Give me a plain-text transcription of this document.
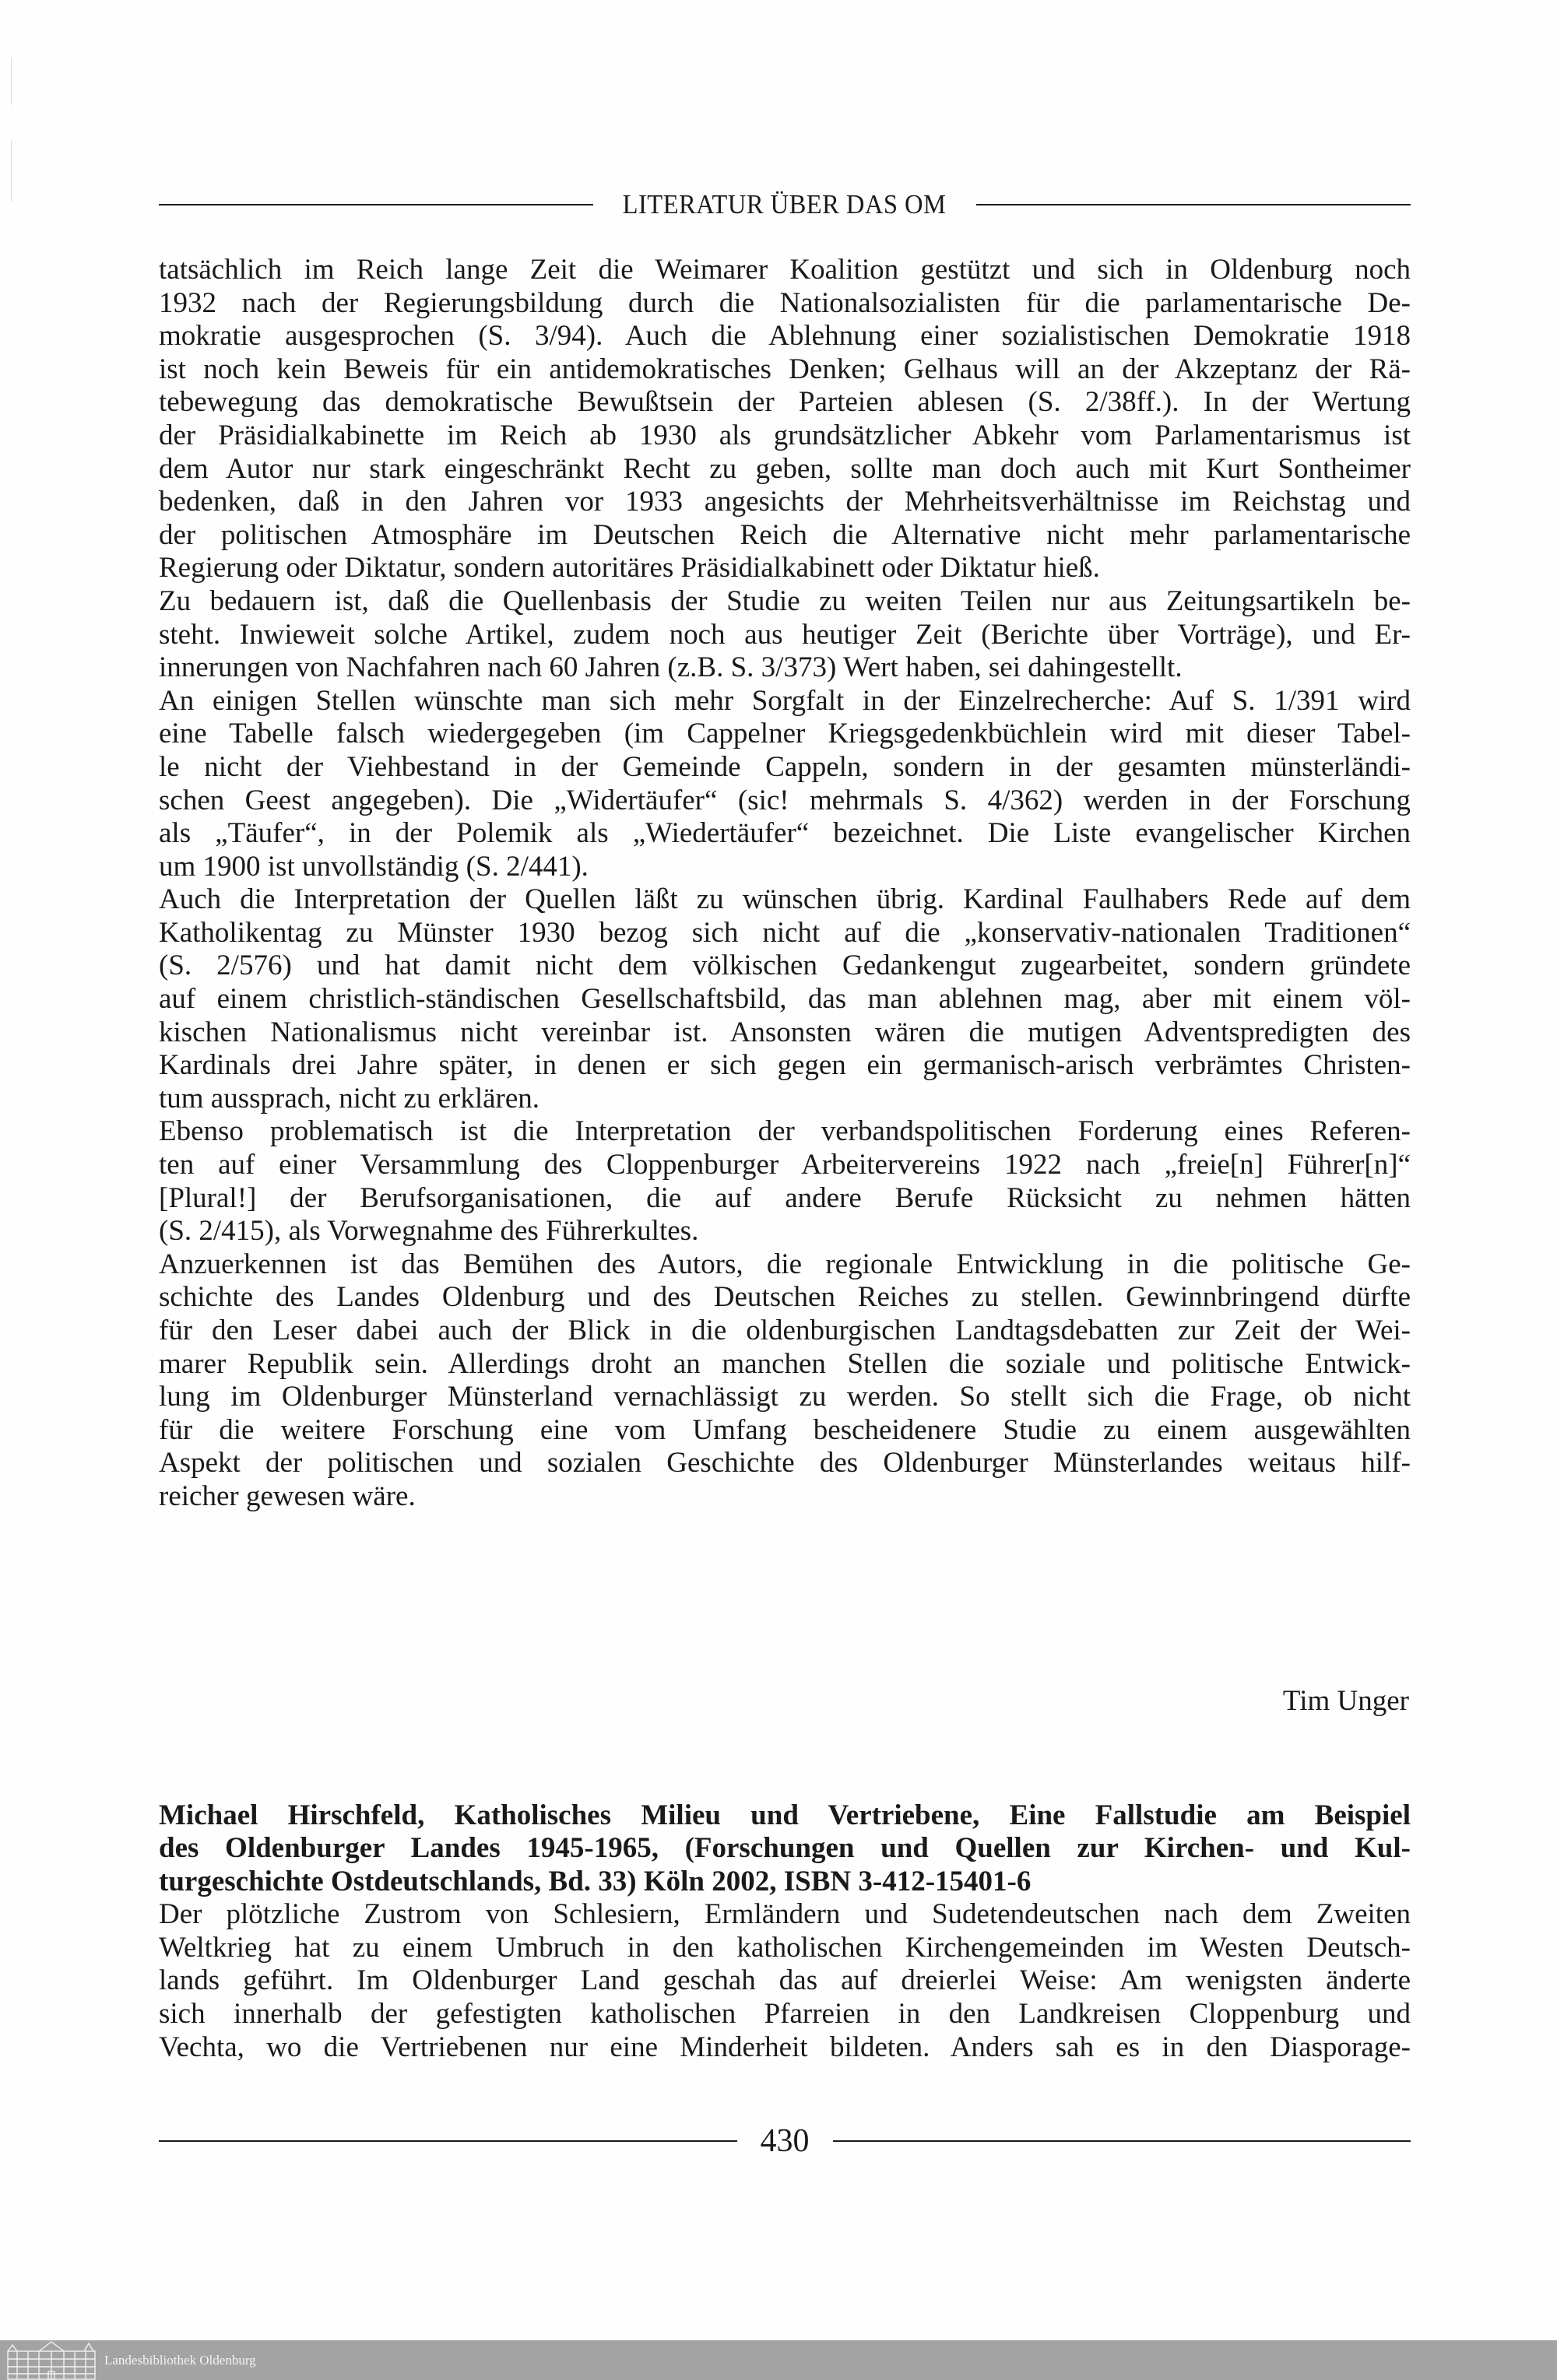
LITERATUR ÜBER DAS OM
tatsächlich im Reich lange Zeit die Weimarer Koalition gestützt und sich in Oldenburg noch
1932 nach der Regierungsbildung durch die Nationalsozialisten für die parlamentarische De-
mokratie ausgesprochen (S. 3/94). Auch die Ablehnung einer sozialistischen Demokratie 1918
ist noch kein Beweis für ein antidemokratisches Denken; Gelhaus will an der Akzeptanz der Rä-
tebewegung das demokratische Bewußtsein der Parteien ablesen (S. 2/38ff.). In der Wertung
der Präsidialkabinette im Reich ab 1930 als grundsätzlicher Abkehr vom Parlamentarismus ist
dem Autor nur stark eingeschränkt Recht zu geben, sollte man doch auch mit Kurt Sontheimer
bedenken, daß in den Jahren vor 1933 angesichts der Mehrheitsverhältnisse im Reichstag und
der politischen Atmosphäre im Deutschen Reich die Alternative nicht mehr parlamentarische
Regierung oder Diktatur, sondern autoritäres Präsidialkabinett oder Diktatur hieß.
Zu bedauern ist, daß die Quellenbasis der Studie zu weiten Teilen nur aus Zeitungsartikeln be-
steht. Inwieweit solche Artikel, zudem noch aus heutiger Zeit (Berichte über Vorträge), und Er-
innerungen von Nachfahren nach 60 Jahren (z.B. S. 3/373) Wert haben, sei dahingestellt.
An einigen Stellen wünschte man sich mehr Sorgfalt in der Einzelrecherche: Auf S. 1/391 wird
eine Tabelle falsch wiedergegeben (im Cappelner Kriegsgedenkbüchlein wird mit dieser Tabel-
le nicht der Viehbestand in der Gemeinde Cappeln, sondern in der gesamten münsterländi-
schen Geest angegeben). Die „Widertäufer“ (sic! mehrmals S. 4/362) werden in der Forschung
als „Täufer“, in der Polemik als „Wiedertäufer“ bezeichnet. Die Liste evangelischer Kirchen
um 1900 ist unvollständig (S. 2/441).
Auch die Interpretation der Quellen läßt zu wünschen übrig. Kardinal Faulhabers Rede auf dem
Katholikentag zu Münster 1930 bezog sich nicht auf die „konservativ-nationalen Traditionen“
(S. 2/576) und hat damit nicht dem völkischen Gedankengut zugearbeitet, sondern gründete
auf einem christlich-ständischen Gesellschaftsbild, das man ablehnen mag, aber mit einem völ-
kischen Nationalismus nicht vereinbar ist. Ansonsten wären die mutigen Adventspredigten des
Kardinals drei Jahre später, in denen er sich gegen ein germanisch-arisch verbrämtes Christen-
tum aussprach, nicht zu erklären.
Ebenso problematisch ist die Interpretation der verbandspolitischen Forderung eines Referen-
ten auf einer Versammlung des Cloppenburger Arbeitervereins 1922 nach „freie[n] Führer[n]“
[Plural!] der Berufsorganisationen, die auf andere Berufe Rücksicht zu nehmen hätten
(S. 2/415), als Vorwegnahme des Führerkultes.
Anzuerkennen ist das Bemühen des Autors, die regionale Entwicklung in die politische Ge-
schichte des Landes Oldenburg und des Deutschen Reiches zu stellen. Gewinnbringend dürfte
für den Leser dabei auch der Blick in die oldenburgischen Landtagsdebatten zur Zeit der Wei-
marer Republik sein. Allerdings droht an manchen Stellen die soziale und politische Entwick-
lung im Oldenburger Münsterland vernachlässigt zu werden. So stellt sich die Frage, ob nicht
für die weitere Forschung eine vom Umfang bescheidenere Studie zu einem ausgewählten
Aspekt der politischen und sozialen Geschichte des Oldenburger Münsterlandes weitaus hilf-
reicher gewesen wäre.
Tim Unger
Michael Hirschfeld, Katholisches Milieu und Vertriebene, Eine Fallstudie am Beispiel
des Oldenburger Landes 1945-1965, (Forschungen und Quellen zur Kirchen- und Kul-
turgeschichte Ostdeutschlands, Bd. 33) Köln 2002, ISBN 3-412-15401-6
Der plötzliche Zustrom von Schlesiern, Ermländern und Sudetendeutschen nach dem Zweiten
Weltkrieg hat zu einem Umbruch in den katholischen Kirchengemeinden im Westen Deutsch-
lands geführt. Im Oldenburger Land geschah das auf dreierlei Weise: Am wenigsten änderte
sich innerhalb der gefestigten katholischen Pfarreien in den Landkreisen Cloppenburg und
Vechta, wo die Vertriebenen nur eine Minderheit bildeten. Anders sah es in den Diasporage-
430
Landesbibliothek Oldenburg
